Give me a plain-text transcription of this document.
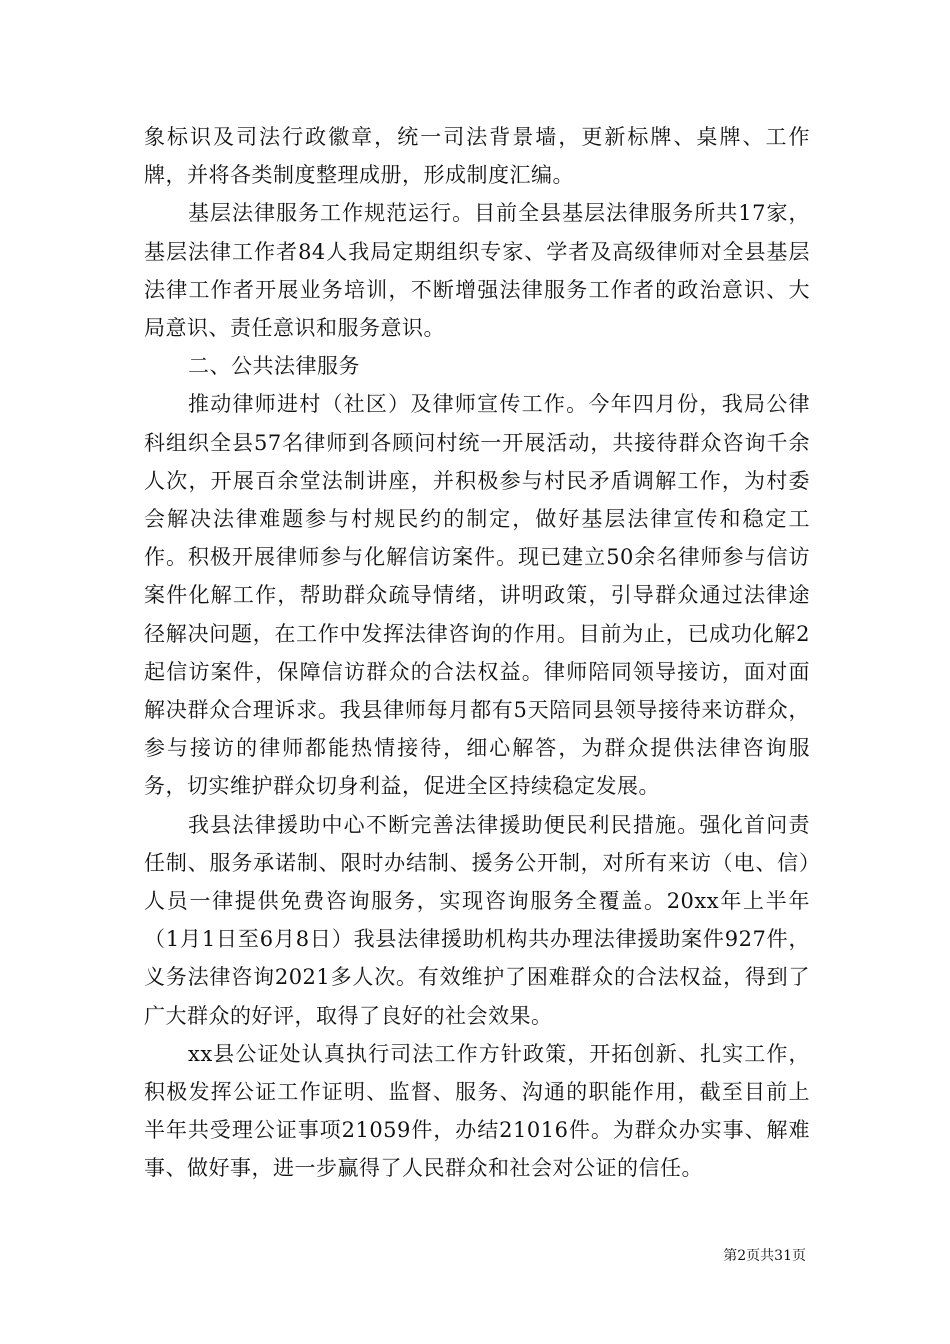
象标识及司法行政徽章，统一司法背景墙，更新标牌、桌牌、工作牌，并将各类制度整理成册，形成制度汇编。

基层法律服务工作规范运行。目前全县基层法律服务所共17家，基层法律工作者84人我局定期组织专家、学者及高级律师对全县基层法律工作者开展业务培训，不断增强法律服务工作者的政治意识、大局意识、责任意识和服务意识。

二、公共法律服务

推动律师进村（社区）及律师宣传工作。今年四月份，我局公律科组织全县57名律师到各顾问村统一开展活动，共接待群众咨询千余人次，开展百余堂法制讲座，并积极参与村民矛盾调解工作，为村委会解决法律难题参与村规民约的制定，做好基层法律宣传和稳定工作。积极开展律师参与化解信访案件。现已建立50余名律师参与信访案件化解工作，帮助群众疏导情绪，讲明政策，引导群众通过法律途径解决问题，在工作中发挥法律咨询的作用。目前为止，已成功化解2起信访案件，保障信访群众的合法权益。律师陪同领导接访，面对面解决群众合理诉求。我县律师每月都有5天陪同县领导接待来访群众，参与接访的律师都能热情接待，细心解答，为群众提供法律咨询服务，切实维护群众切身利益，促进全区持续稳定发展。

我县法律援助中心不断完善法律援助便民利民措施。强化首问责任制、服务承诺制、限时办结制、援务公开制，对所有来访（电、信）人员一律提供免费咨询服务，实现咨询服务全覆盖。20xx年上半年（1月1日至6月8日）我县法律援助机构共办理法律援助案件927件，义务法律咨询2021多人次。有效维护了困难群众的合法权益，得到了广大群众的好评，取得了良好的社会效果。

xx县公证处认真执行司法工作方针政策，开拓创新、扎实工作，积极发挥公证工作证明、监督、服务、沟通的职能作用，截至目前上半年共受理公证事项21059件，办结21016件。为群众办实事、解难事、做好事，进一步赢得了人民群众和社会对公证的信任。

第2页共31页
